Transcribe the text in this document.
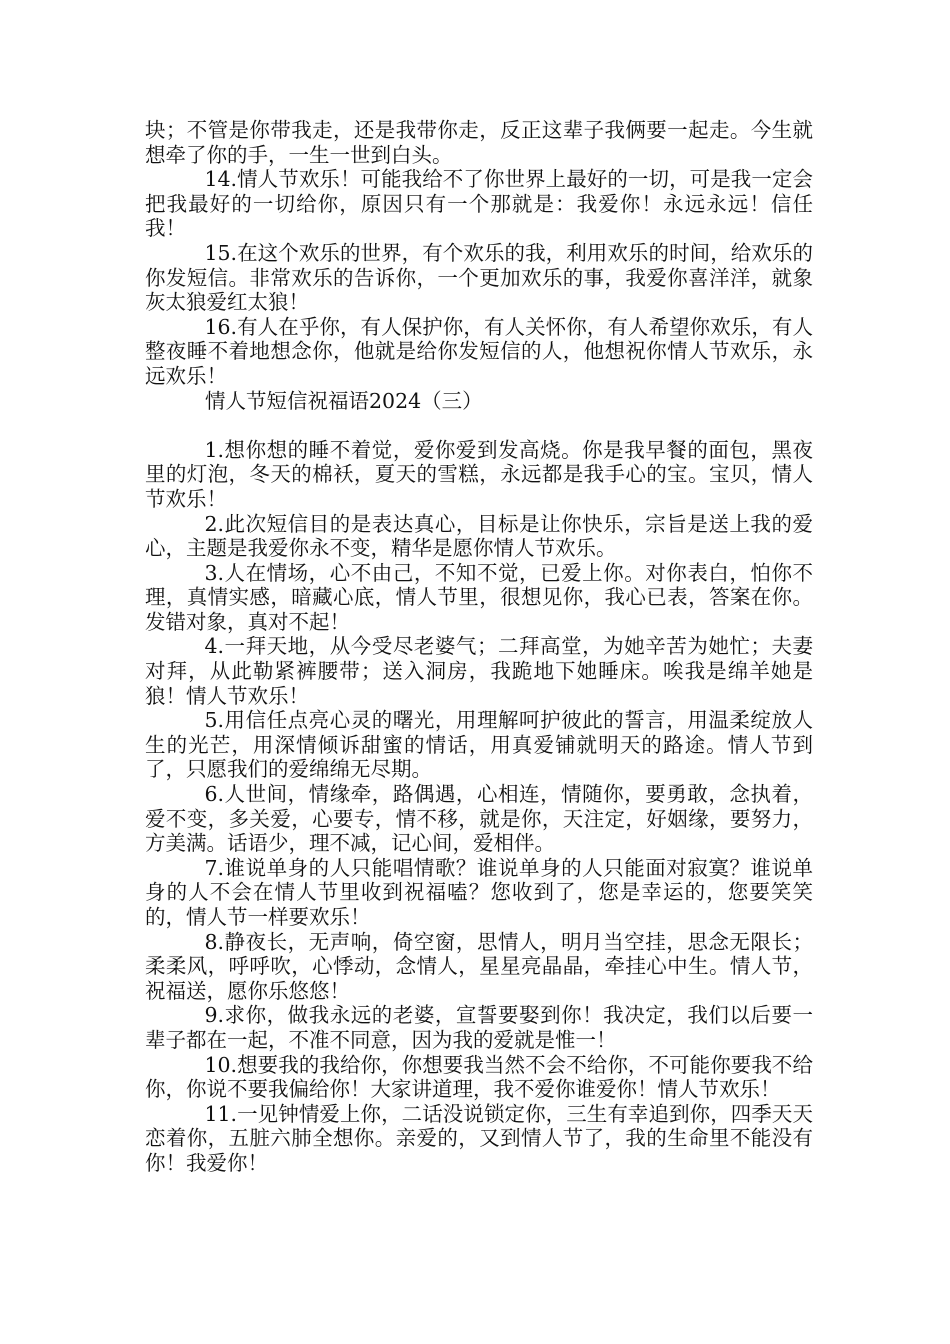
块；不管是你带我走，还是我带你走，反正这辈子我俩要一起走。今生就想牵了你的手，一生一世到白头。

14.情人节欢乐！可能我给不了你世界上最好的一切，可是我一定会把我最好的一切给你，原因只有一个那就是：我爱你！永远永远！信任我！

15.在这个欢乐的世界，有个欢乐的我，利用欢乐的时间，给欢乐的你发短信。非常欢乐的告诉你，一个更加欢乐的事，我爱你喜洋洋，就象灰太狼爱红太狼！

16.有人在乎你，有人保护你，有人关怀你，有人希望你欢乐，有人整夜睡不着地想念你，他就是给你发短信的人，他想祝你情人节欢乐，永远欢乐！

情人节短信祝福语2024（三）

1.想你想的睡不着觉，爱你爱到发高烧。你是我早餐的面包，黑夜里的灯泡，冬天的棉袄，夏天的雪糕，永远都是我手心的宝。宝贝，情人节欢乐！

2.此次短信目的是表达真心，目标是让你快乐，宗旨是送上我的爱心，主题是我爱你永不变，精华是愿你情人节欢乐。

3.人在情场，心不由己，不知不觉，已爱上你。对你表白，怕你不理，真情实感，暗藏心底，情人节里，很想见你，我心已表，答案在你。发错对象，真对不起！

4.一拜天地，从今受尽老婆气；二拜高堂，为她辛苦为她忙；夫妻对拜，从此勒紧裤腰带；送入洞房，我跪地下她睡床。唉我是绵羊她是狼！情人节欢乐！

5.用信任点亮心灵的曙光，用理解呵护彼此的誓言，用温柔绽放人生的光芒，用深情倾诉甜蜜的情话，用真爱铺就明天的路途。情人节到了，只愿我们的爱绵绵无尽期。

6.人世间，情缘牵，路偶遇，心相连，情随你，要勇敢，念执着，爱不变，多关爱，心要专，情不移，就是你，天注定，好姻缘，要努力，方美满。话语少，理不减，记心间，爱相伴。

7.谁说单身的人只能唱情歌？谁说单身的人只能面对寂寞？谁说单身的人不会在情人节里收到祝福嗑？您收到了，您是幸运的，您要笑笑的，情人节一样要欢乐！

8.静夜长，无声响，倚空窗，思情人，明月当空挂，思念无限长；柔柔风，呼呼吹，心悸动，念情人，星星亮晶晶，牵挂心中生。情人节，祝福送，愿你乐悠悠！

9.求你，做我永远的老婆，宣誓要娶到你！我决定，我们以后要一辈子都在一起，不准不同意，因为我的爱就是惟一！

10.想要我的我给你，你想要我当然不会不给你，不可能你要我不给你，你说不要我偏给你！大家讲道理，我不爱你谁爱你！情人节欢乐！

11.一见钟情爱上你，二话没说锁定你，三生有幸追到你，四季天天恋着你，五脏六肺全想你。亲爱的，又到情人节了，我的生命里不能没有你！我爱你！
